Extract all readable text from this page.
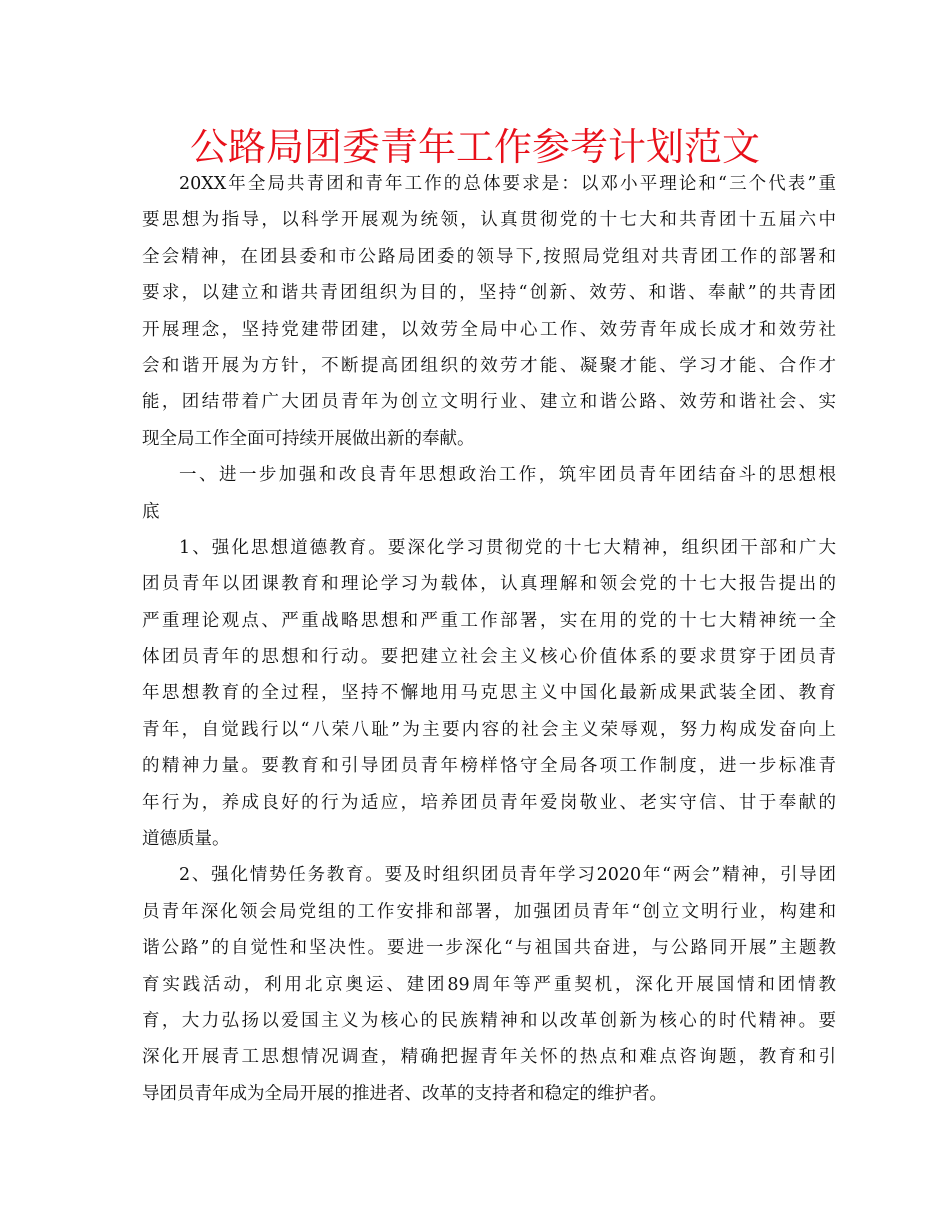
公路局团委青年工作参考计划范文
20XX年全局共青团和青年工作的总体要求是：以邓小平理论和“三个代表”重
要思想为指导，以科学开展观为统领，认真贯彻党的十七大和共青团十五届六中
全会精神，在团县委和市公路局团委的领导下,按照局党组对共青团工作的部署和
要求，以建立和谐共青团组织为目的，坚持“创新、效劳、和谐、奉献”的共青团
开展理念，坚持党建带团建，以效劳全局中心工作、效劳青年成长成才和效劳社
会和谐开展为方针，不断提高团组织的效劳才能、凝聚才能、学习才能、合作才
能，团结带着广大团员青年为创立文明行业、建立和谐公路、效劳和谐社会、实
现全局工作全面可持续开展做出新的奉献。
一、进一步加强和改良青年思想政治工作，筑牢团员青年团结奋斗的思想根
底
1、强化思想道德教育。要深化学习贯彻党的十七大精神，组织团干部和广大
团员青年以团课教育和理论学习为载体，认真理解和领会党的十七大报告提出的
严重理论观点、严重战略思想和严重工作部署，实在用的党的十七大精神统一全
体团员青年的思想和行动。要把建立社会主义核心价值体系的要求贯穿于团员青
年思想教育的全过程，坚持不懈地用马克思主义中国化最新成果武装全团、教育
青年，自觉践行以“八荣八耻”为主要内容的社会主义荣辱观，努力构成发奋向上
的精神力量。要教育和引导团员青年榜样恪守全局各项工作制度，进一步标准青
年行为，养成良好的行为适应，培养团员青年爱岗敬业、老实守信、甘于奉献的
道德质量。
2、强化情势任务教育。要及时组织团员青年学习2020年“两会”精神，引导团
员青年深化领会局党组的工作安排和部署，加强团员青年“创立文明行业，构建和
谐公路”的自觉性和坚决性。要进一步深化“与祖国共奋进，与公路同开展”主题教
育实践活动，利用北京奥运、建团89周年等严重契机，深化开展国情和团情教
育，大力弘扬以爱国主义为核心的民族精神和以改革创新为核心的时代精神。要
深化开展青工思想情况调查，精确把握青年关怀的热点和难点咨询题，教育和引
导团员青年成为全局开展的推进者、改革的支持者和稳定的维护者。
